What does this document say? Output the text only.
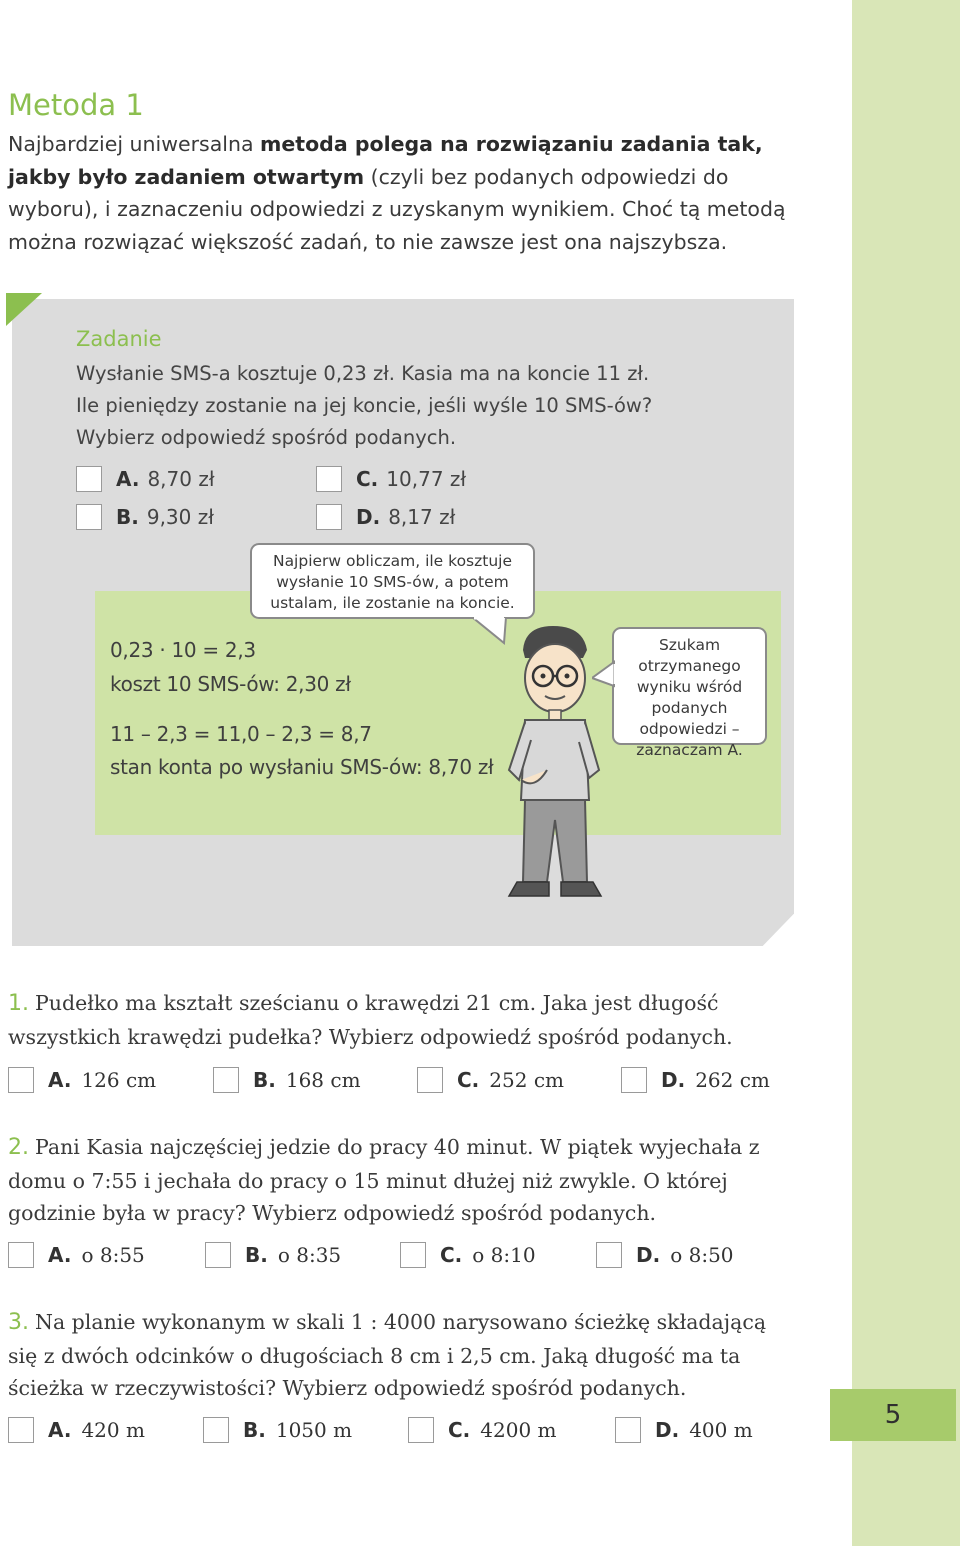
5
Metoda 1
Najbardziej uniwersalna metoda polega na rozwiązaniu zadania tak, jakby było zadaniem otwartym (czyli bez podanych odpowiedzi do wyboru), i zaznaczeniu odpowiedzi z uzyskanym wynikiem. Choć tą metodą można rozwiązać większość zadań, to nie zawsze jest ona najszybsza.
Zadanie
Wysłanie SMS-a kosztuje 0,23 zł. Kasia ma na koncie 11 zł.
Ile pieniędzy zostanie na jej koncie, jeśli wyśle 10 SMS-ów?
Wybierz odpowiedź spośród podanych.
A. 8,70 zł
B. 9,30 zł
C. 10,77 zł
D. 8,17 zł
0,23 · 10 = 2,3
koszt 10 SMS-ów: 2,30 zł
11 – 2,3 = 11,0 – 2,3 = 8,7
stan konta po wysłaniu SMS-ów: 8,70 zł
Najpierw obliczam, ile kosztuje wysłanie 10 SMS-ów, a potem ustalam, ile zostanie na koncie.
Szukam otrzymanego wyniku wśród podanych odpowiedzi – zaznaczam A.
1. Pudełko ma kształt sześcianu o krawędzi 21 cm. Jaka jest długość wszystkich krawędzi pudełka? Wybierz odpowiedź spośród podanych.
A. 126 cm	B. 168 cm	C. 252 cm	D. 262 cm
2. Pani Kasia najczęściej jedzie do pracy 40 minut. W piątek wyjechała z domu o 7:55 i jechała do pracy o 15 minut dłużej niż zwykle. O której godzinie była w pracy? Wybierz odpowiedź spośród podanych.
A. o 8:55	B. o 8:35	C. o 8:10	D. o 8:50
3. Na planie wykonanym w skali 1 : 4000 narysowano ścieżkę składającą się z dwóch odcinków o długościach 8 cm i 2,5 cm. Jaką długość ma ta ścieżka w rzeczywistości? Wybierz odpowiedź spośród podanych.
A. 420 m	B. 1050 m	C. 4200 m	D. 400 m
